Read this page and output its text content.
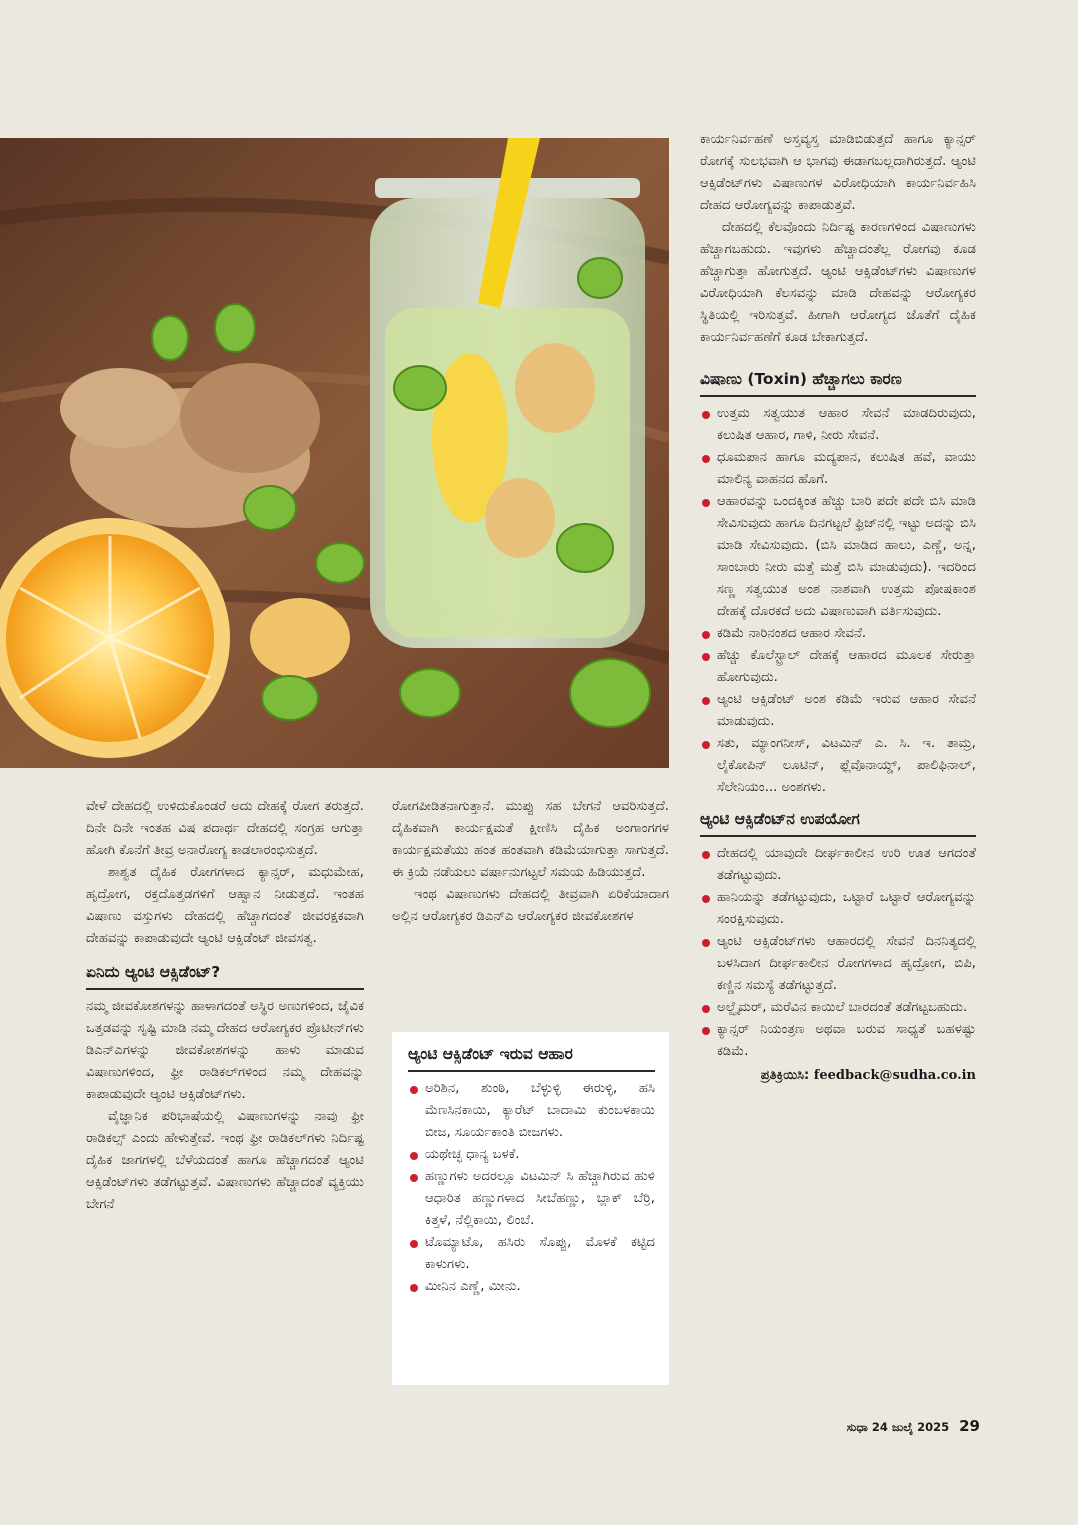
ಕಾರ್ಯನಿರ್ವಹಣೆ ಅಸ್ತವ್ಯಸ್ತ ಮಾಡಿಬಿಡುತ್ತದೆ ಹಾಗೂ ಕ್ಯಾನ್ಸರ್ ರೋಗಕ್ಕೆ ಸುಲಭವಾಗಿ ಆ ಭಾಗವು ಈಡಾಗಬಲ್ಲದಾಗಿರುತ್ತದೆ. ಆ್ಯಂಟಿ ಆಕ್ಸಿಡೆಂಟ್‌ಗಳು ವಿಷಾಣುಗಳ ವಿರೋಧಿಯಾಗಿ ಕಾರ್ಯನಿರ್ವಹಿಸಿ ದೇಹದ ಆರೋಗ್ಯವನ್ನು ಕಾಪಾಡುತ್ತವೆ.

ದೇಹದಲ್ಲಿ ಕೆಲವೊಂದು ನಿರ್ದಿಷ್ಟ ಕಾರಣಗಳಿಂದ ವಿಷಾಣುಗಳು ಹೆಚ್ಚಾಗಬಹುದು. ಇವುಗಳು ಹೆಚ್ಚಾದಂತೆಲ್ಲ ರೋಗವು ಕೂಡ ಹೆಚ್ಚಾಗುತ್ತಾ ಹೋಗುತ್ತದೆ. ಆ್ಯಂಟಿ ಆಕ್ಸಿಡೆಂಟ್‌ಗಳು ವಿಷಾಣುಗಳ ವಿರೋಧಿಯಾಗಿ ಕೆಲಸವನ್ನು ಮಾಡಿ ದೇಹವನ್ನು ಆರೋಗ್ಯಕರ ಸ್ಥಿತಿಯಲ್ಲಿ ಇರಿಸುತ್ತವೆ. ಹೀಗಾಗಿ ಆರೋಗ್ಯದ ಜೊತೆಗೆ ದೈಹಿಕ ಕಾರ್ಯನಿರ್ವಹಣೆಗೆ ಕೂಡ ಬೇಕಾಗುತ್ತದೆ.

ವಿಷಾಣು (Toxin) ಹೆಚ್ಚಾಗಲು ಕಾರಣ

ಉತ್ತಮ ಸತ್ವಯುತ ಆಹಾರ ಸೇವನೆ ಮಾಡದಿರುವುದು, ಕಲುಷಿತ ಆಹಾರ, ಗಾಳಿ, ನೀರು ಸೇವನೆ.
ಧೂಮಪಾನ ಹಾಗೂ ಮದ್ಯಪಾನ, ಕಲುಷಿತ ಹವೆ, ವಾಯು ಮಾಲಿನ್ಯ ವಾಹನದ ಹೊಗೆ.
ಆಹಾರವನ್ನು ಒಂದಕ್ಕಿಂತ ಹೆಚ್ಚು ಬಾರಿ ಪದೇ ಪದೇ ಬಿಸಿ ಮಾಡಿ ಸೇವಿಸುವುದು ಹಾಗೂ ದಿನಗಟ್ಟಲೆ ಫ್ರಿಜ್‌ನಲ್ಲಿ ಇಟ್ಟು ಅದನ್ನು ಬಿಸಿ ಮಾಡಿ ಸೇವಿಸುವುದು. (ಬಿಸಿ ಮಾಡಿದ ಹಾಲು, ಎಣ್ಣೆ, ಅನ್ನ, ಸಾಂಬಾರು ನೀರು ಮತ್ತೆ ಮತ್ತೆ ಬಿಸಿ ಮಾಡುವುದು). ಇದರಿಂದ ಸಣ್ಣ ಸತ್ವಯುತ ಅಂಶ ನಾಶವಾಗಿ ಉತ್ತಮ ಪೋಷಕಾಂಶ ದೇಹಕ್ಕೆ ದೊರಕದೆ ಅದು ವಿಷಾಣುವಾಗಿ ವರ್ತಿಸುವುದು.
ಕಡಿಮೆ ನಾರಿನಂಶದ ಆಹಾರ ಸೇವನೆ.
ಹೆಚ್ಚು ಕೊಲೆಸ್ಟ್ರಾಲ್ ದೇಹಕ್ಕೆ ಆಹಾರದ ಮೂಲಕ ಸೇರುತ್ತಾ ಹೋಗುವುದು.
ಆ್ಯಂಟಿ ಆಕ್ಸಿಡೆಂಟ್ ಅಂಶ ಕಡಿಮೆ ಇರುವ ಆಹಾರ ಸೇವನೆ ಮಾಡುವುದು.
ಸತು, ಮ್ಯಾಂಗನೀಸ್, ವಿಟಮಿನ್ ಎ. ಸಿ. ಇ. ತಾಮ್ರ, ಲೈಕೋಪಿನ್ ಲೂಟಿನ್, ಫ್ಲೆವೊನಾಯ್ಡ್, ಪಾಲಿಫಿನಾಲ್, ಸೆಲೇನಿಯಂ... ಅಂಶಗಳು.

ಆ್ಯಂಟಿ ಆಕ್ಸಿಡೆಂಟ್‌ನ ಉಪಯೋಗ

ದೇಹದಲ್ಲಿ ಯಾವುದೇ ದೀರ್ಘಕಾಲೀನ ಉರಿ ಊತ ಆಗದಂತೆ ತಡೆಗಟ್ಟುವುದು.
ಹಾನಿಯನ್ನು ತಡೆಗಟ್ಟುವುದು, ಒಟ್ಟಾರೆ ಒಟ್ಟಾರೆ ಆರೋಗ್ಯವನ್ನು ಸಂರಕ್ಷಿಸುವುದು.
ಆ್ಯಂಟಿ ಆಕ್ಸಿಡೆಂಟ್‌ಗಳು ಆಹಾರದಲ್ಲಿ ಸೇವನೆ ದಿನನಿತ್ಯದಲ್ಲಿ ಬಳಸಿದಾಗ ದೀರ್ಘಕಾಲೀನ ರೋಗಗಳಾದ ಹೃದ್ರೋಗ, ಬಿಪಿ, ಕಣ್ಣಿನ ಸಮಸ್ಯೆ ತಡೆಗಟ್ಟುತ್ತದೆ.
ಅಲ್ಝೈಮರ್, ಮರೆವಿನ ಕಾಯಿಲೆ ಬಾರದಂತೆ ತಡೆಗಟ್ಟಬಹುದು.
ಕ್ಯಾನ್ಸರ್ ನಿಯಂತ್ರಣ ಅಥವಾ ಬರುವ ಸಾಧ್ಯತೆ ಬಹಳಷ್ಟು ಕಡಿಮೆ.
ಪ್ರತಿಕ್ರಿಯಿಸಿ: feedback@sudha.co.in

ವೇಳೆ ದೇಹದಲ್ಲಿ ಉಳಿದುಕೊಂಡರೆ ಅದು ದೇಹಕ್ಕೆ ರೋಗ ತರುತ್ತದೆ. ದಿನೇ ದಿನೇ ಇಂತಹ ವಿಷ ಪದಾರ್ಥ ದೇಹದಲ್ಲಿ ಸಂಗ್ರಹ ಆಗುತ್ತಾ ಹೋಗಿ ಕೊನೆಗೆ ತೀವ್ರ ಅನಾರೋಗ್ಯ ಕಾಡಲಾರಂಭಿಸುತ್ತದೆ.

ಶಾಶ್ವತ ದೈಹಿಕ ರೋಗಗಳಾದ ಕ್ಯಾನ್ಸರ್, ಮಧುಮೇಹ, ಹೃದ್ರೋಗ, ರಕ್ತದೊತ್ತಡಗಳಿಗೆ ಆಹ್ವಾನ ನೀಡುತ್ತದೆ. ಇಂತಹ ವಿಷಾಣು ವಸ್ತುಗಳು ದೇಹದಲ್ಲಿ ಹೆಚ್ಚಾಗದಂತೆ ಜೀವರಕ್ಷಕವಾಗಿ ದೇಹವನ್ನು ಕಾಪಾಡುವುದೇ ಆ್ಯಂಟಿ ಆಕ್ಸಿಡೆಂಟ್ ಜೀವಸತ್ವ.

ಏನಿದು ಆ್ಯಂಟಿ ಆಕ್ಸಿಡೆಂಟ್?

ನಮ್ಮ ಜೀವಕೋಶಗಳನ್ನು ಹಾಳಾಗದಂತೆ ಅಸ್ಥಿರ ಅಣುಗಳಿಂದ, ಜೈವಿಕ ಒತ್ತಡವನ್ನು ಸೃಷ್ಟಿ ಮಾಡಿ ನಮ್ಮ ದೇಹದ ಆರೋಗ್ಯಕರ ಪ್ರೊಟೀನ್‌ಗಳು ಡಿಎನ್‌ಎಗಳನ್ನು ಜೀವಕೋಶಗಳನ್ನು ಹಾಳು ಮಾಡುವ ವಿಷಾಣುಗಳಿಂದ, ಫ್ರೀ ರಾಡಿಕಲ್‌ಗಳಿಂದ ನಮ್ಮ ದೇಹವನ್ನು ಕಾಪಾಡುವುದೇ ಆ್ಯಂಟಿ ಆಕ್ಸಿಡೆಂಟ್‌ಗಳು.

ವೈಜ್ಞಾನಿಕ ಪರಿಭಾಷೆಯಲ್ಲಿ ವಿಷಾಣುಗಳನ್ನು ನಾವು ಫ್ರೀ ರಾಡಿಕಲ್ಸ್ ಎಂದು ಹೇಳುತ್ತೇವೆ. ಇಂಥ ಫ್ರೀ ರಾಡಿಕಲ್‌ಗಳು ನಿರ್ದಿಷ್ಟ ದೈಹಿಕ ಜಾಗಗಳಲ್ಲಿ ಬೆಳೆಯದಂತೆ ಹಾಗೂ ಹೆಚ್ಚಾಗದಂತೆ ಆ್ಯಂಟಿ ಆಕ್ಸಿಡೆಂಟ್‌ಗಳು ತಡೆಗಟ್ಟುತ್ತವೆ. ವಿಷಾಣುಗಳು ಹೆಚ್ಚಾದಂತೆ ವ್ಯಕ್ತಿಯು ಬೇಗನೆ

ರೋಗಪೀಡಿತನಾಗುತ್ತಾನೆ. ಮುಪ್ಪು ಸಹ ಬೇಗನೆ ಆವರಿಸುತ್ತದೆ. ದೈಹಿಕವಾಗಿ ಕಾರ್ಯಕ್ಷಮತೆ ಕ್ಷೀಣಿಸಿ ದೈಹಿಕ ಅಂಗಾಂಗಗಳ ಕಾರ್ಯಕ್ಷಮತೆಯು ಹಂತ ಹಂತವಾಗಿ ಕಡಿಮೆಯಾಗುತ್ತಾ ಸಾಗುತ್ತದೆ. ಈ ಕ್ರಿಯೆ ನಡೆಯಲು ವರ್ಷಾನುಗಟ್ಟಲೆ ಸಮಯ ಹಿಡಿಯುತ್ತದೆ.

ಇಂಥ ವಿಷಾಣುಗಳು ದೇಹದಲ್ಲಿ ತೀವ್ರವಾಗಿ ಏರಿಕೆಯಾದಾಗ ಅಲ್ಲಿನ ಆರೋಗ್ಯಕರ ಡಿಎನ್‌ಎ ಆರೋಗ್ಯಕರ ಜೀವಕೋಶಗಳ

ಆ್ಯಂಟಿ ಆಕ್ಸಿಡೆಂಟ್ ಇರುವ ಆಹಾರ

ಅರಿಶಿನ, ಶುಂಠಿ, ಬೆಳ್ಳುಳ್ಳಿ ಈರುಳ್ಳಿ, ಹಸಿ ಮೆಣಸಿನಕಾಯಿ, ಕ್ಯಾರೆಟ್ ಬಾದಾಮಿ ಕುಂಬಳಕಾಯಿ ಬೀಜ, ಸೂರ್ಯಕಾಂತಿ ಬೀಜಗಳು.
ಯಥೇಚ್ಛ ಧಾನ್ಯ ಬಳಕೆ.
ಹಣ್ಣುಗಳು ಅದರಲ್ಲೂ ವಿಟಮಿನ್ ಸಿ ಹೆಚ್ಚಾಗಿರುವ ಹುಳಿ ಆಧಾರಿತ ಹಣ್ಣುಗಳಾದ ಸೀಬೆಹಣ್ಣು, ಬ್ಲಾಕ್ ಬೆರ್ರಿ, ಕಿತ್ತಳೆ, ನೆಲ್ಲಿಕಾಯಿ, ಲಿಂಬೆ.
ಟೊಮ್ಯಾಟೊ, ಹಸಿರು ಸೊಪ್ಪು, ಮೊಳಕೆ ಕಟ್ಟಿದ ಕಾಳುಗಳು.
ಮೀನಿನ ಎಣ್ಣೆ, ಮೀನು.
ಸುಧಾ 24 ಜುಲೈ 2025 29
